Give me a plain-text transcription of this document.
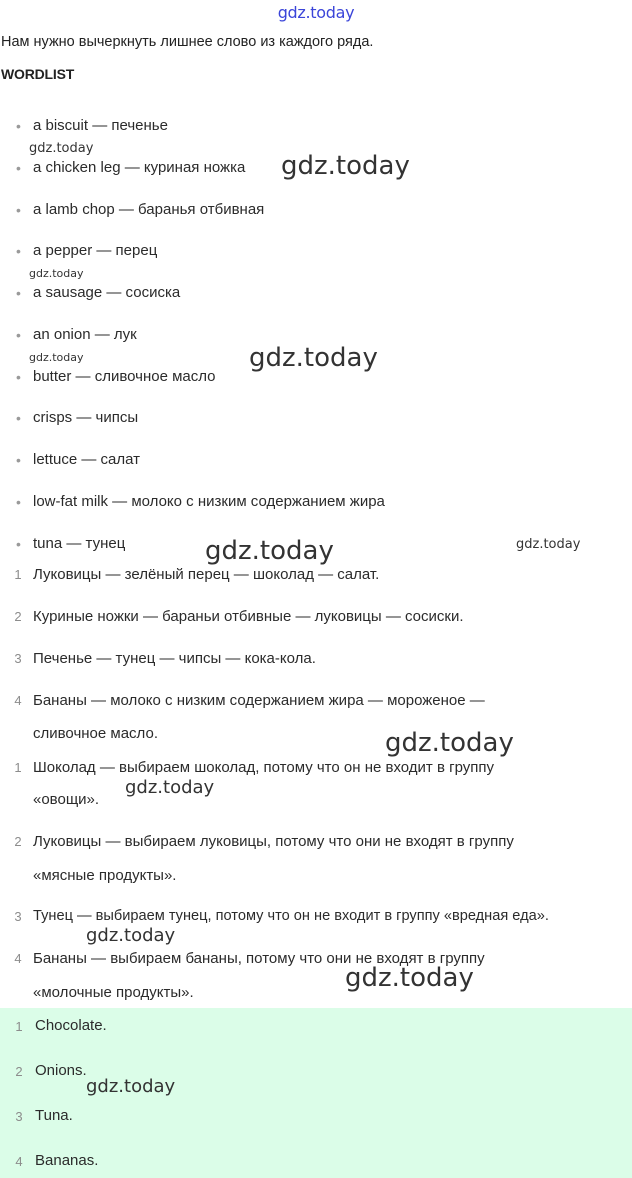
gdz.today
Нам нужно вычеркнуть лишнее слово из каждого ряда.
WORDLIST
• a biscuit — печенье
• a chicken leg — куриная ножка
• a lamb chop — баранья отбивная
• a pepper — перец
• a sausage — сосиска
• an onion — лук
• butter — сливочное масло
• crisps — чипсы
• lettuce — салат
• low-fat milk — молоко с низким содержанием жира
• tuna — тунец
1 Луковицы — зелёный перец — шоколад — салат.
2 Куриные ножки — бараньи отбивные — луковицы — сосиски.
3 Печенье — тунец — чипсы — кока-кола.
4 Бананы — молоко с низким содержанием жира — мороженое —
сливочное масло.
1 Шоколад — выбираем шоколад, потому что он не входит в группу
«овощи».
2 Луковицы — выбираем луковицы, потому что они не входят в группу
«мясные продукты».
3 Тунец — выбираем тунец, потому что он не входит в группу «вредная еда».
4 Бананы — выбираем бананы, потому что они не входят в группу
«молочные продукты».
1 Chocolate.
2 Onions.
3 Tuna.
4 Bananas.
gdz.today
gdz.today
gdz.today
gdz.today	gdz.today
gdz.today	gdz.today
gdz.today
gdz.today
gdz.today
gdz.today
gdz.today
